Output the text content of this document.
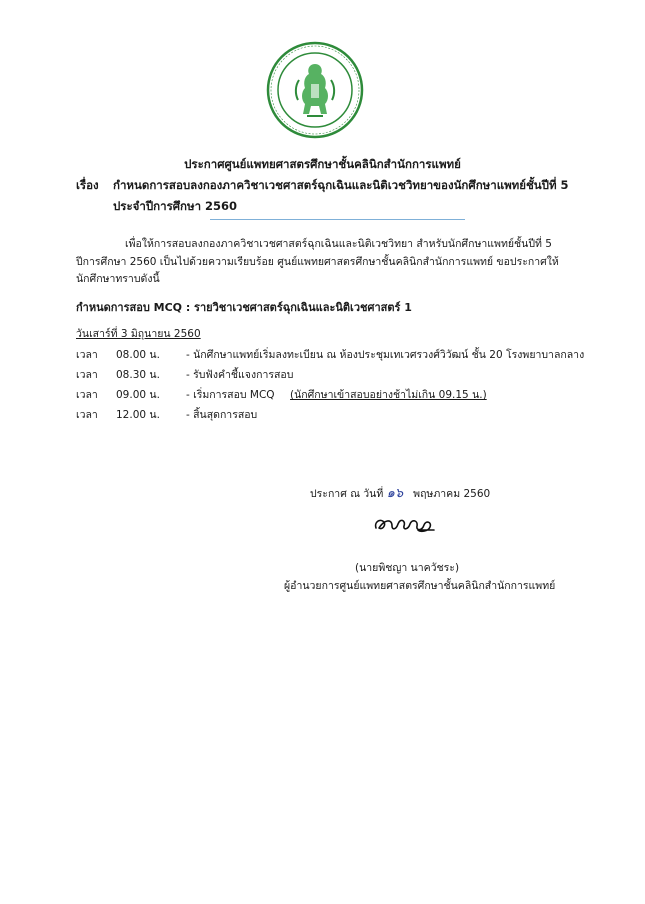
ประกาศศูนย์แพทยศาสตรศึกษาชั้นคลินิกสำนักการแพทย์
เรื่อง กำหนดการสอบลงกองภาควิชาเวชศาสตร์ฉุกเฉินและนิติเวชวิทยาของนักศึกษาแพทย์ชั้นปีที่ 5
ประจำปีการศึกษา 2560
เพื่อให้การสอบลงกองภาควิชาเวชศาสตร์ฉุกเฉินและนิติเวชวิทยา สำหรับนักศึกษาแพทย์ชั้นปีที่ 5
ปีการศึกษา 2560 เป็นไปด้วยความเรียบร้อย ศูนย์แพทยศาสตรศึกษาชั้นคลินิกสำนักการแพทย์ ขอประกาศให้
นักศึกษาทราบดังนี้
กำหนดการสอบ MCQ : รายวิชาเวชศาสตร์ฉุกเฉินและนิติเวชศาสตร์ 1
วันเสาร์ที่ 3 มิถุนายน 2560
เวลา 08.00 น. - นักศึกษาแพทย์เริ่มลงทะเบียน ณ ห้องประชุมเทเวศรวงศ์วิวัฒน์ ชั้น 20 โรงพยาบาลกลาง
เวลา 08.30 น. - รับฟังคำชี้แจงการสอบ
เวลา 09.00 น. - เริ่มการสอบ MCQ (นักศึกษาเข้าสอบอย่างช้าไม่เกิน 09.15 น.)
เวลา 12.00 น. - สิ้นสุดการสอบ
ประกาศ ณ วันที่ ๑๖ พฤษภาคม 2560
(นายพิชญา นาควัชระ)
ผู้อำนวยการศูนย์แพทยศาสตรศึกษาชั้นคลินิกสำนักการแพทย์
